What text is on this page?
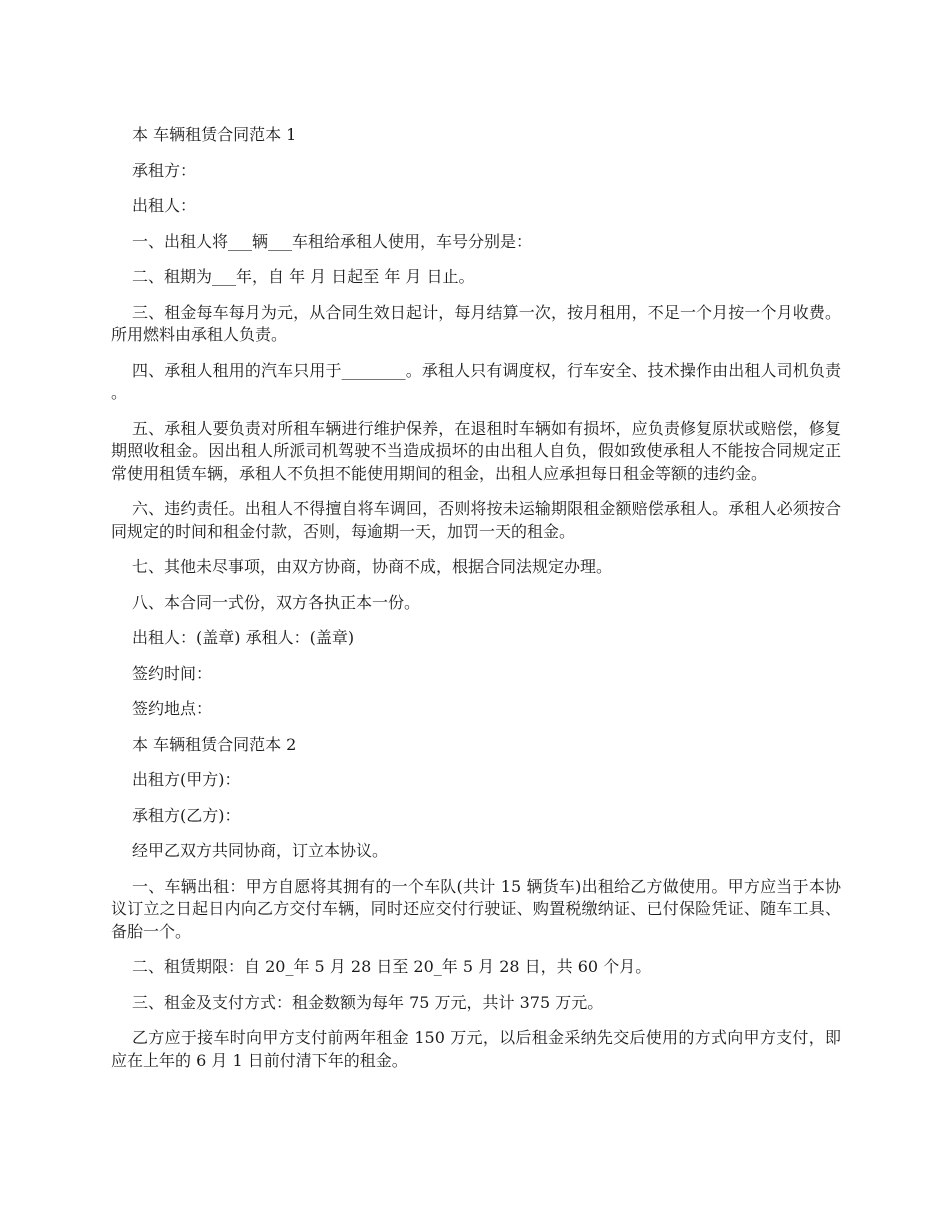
本 车辆租赁合同范本 1

承租方：

出租人：

一、出租人将___辆___车租给承租人使用，车号分别是：

二、租期为___年，自 年 月 日起至 年 月 日止。

三、租金每车每月为元，从合同生效日起计，每月结算一次，按月租用，不足一个月按一个月收费。所用燃料由承租人负责。

四、承租人租用的汽车只用于________。承租人只有调度权，行车安全、技术操作由出租人司机负责。

五、承租人要负责对所租车辆进行维护保养，在退租时车辆如有损坏，应负责修复原状或赔偿，修复期照收租金。因出租人所派司机驾驶不当造成损坏的由出租人自负，假如致使承租人不能按合同规定正常使用租赁车辆，承租人不负担不能使用期间的租金，出租人应承担每日租金等额的违约金。

六、违约责任。出租人不得擅自将车调回，否则将按未运输期限租金额赔偿承租人。承租人必须按合同规定的时间和租金付款，否则，每逾期一天，加罚一天的租金。

七、其他未尽事项，由双方协商，协商不成，根据合同法规定办理。

八、本合同一式份，双方各执正本一份。

出租人：(盖章) 承租人：(盖章)

签约时间：

签约地点：

本 车辆租赁合同范本 2

出租方(甲方)：

承租方(乙方)：

经甲乙双方共同协商，订立本协议。

一、车辆出租：甲方自愿将其拥有的一个车队(共计 15 辆货车)出租给乙方做使用。甲方应当于本协议订立之日起日内向乙方交付车辆，同时还应交付行驶证、购置税缴纳证、已付保险凭证、随车工具、备胎一个。

二、租赁期限：自 20_年 5 月 28 日至 20_年 5 月 28 日，共 60 个月。

三、租金及支付方式：租金数额为每年 75 万元，共计 375 万元。

乙方应于接车时向甲方支付前两年租金 150 万元，以后租金采纳先交后使用的方式向甲方支付，即应在上年的 6 月 1 日前付清下年的租金。
